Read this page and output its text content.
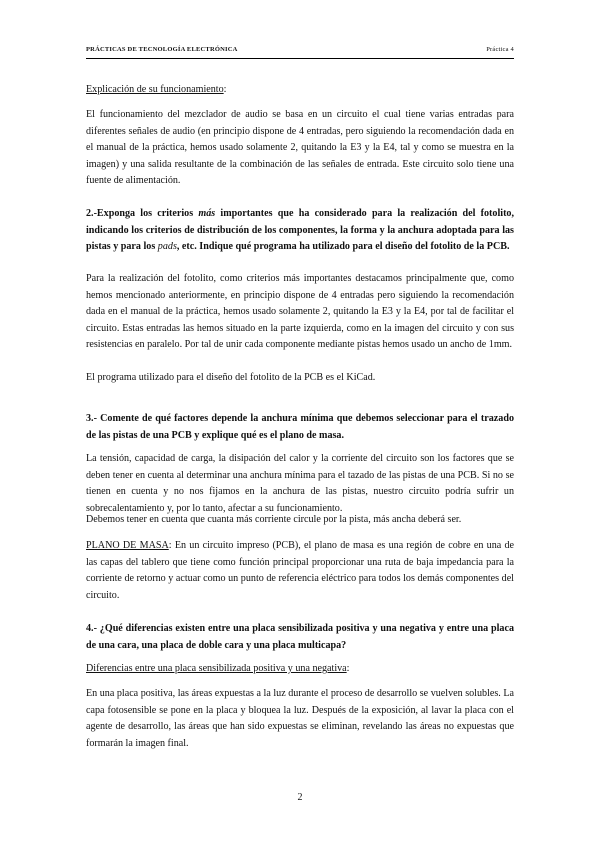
PRÁCTICAS DE TECNOLOGÍA ELECTRÓNICA	Práctica 4
Explicación de su funcionamiento:
El funcionamiento del mezclador de audio se basa en un circuito el cual tiene varias entradas para diferentes señales de audio (en principio dispone de 4 entradas, pero siguiendo la recomendación dada en el manual de la práctica, hemos usado solamente 2, quitando la E3 y la E4, tal y como se muestra en la imagen) y una salida resultante de la combinación de las señales de entrada. Este circuito solo tiene una fuente de alimentación.
2.-Exponga los criterios más importantes que ha considerado para la realización del fotolito, indicando los criterios de distribución de los componentes, la forma y la anchura adoptada para las pistas y para los pads, etc. Indique qué programa ha utilizado para el diseño del fotolito de la PCB.
Para la realización del fotolito, como criterios más importantes destacamos principalmente que, como hemos mencionado anteriormente, en principio dispone de 4 entradas pero siguiendo la recomendación dada en el manual de la práctica, hemos usado solamente 2, quitando la E3 y la E4, por tal de facilitar el circuito. Estas entradas las hemos situado en la parte izquierda, como en la imagen del circuito y con sus resistencias en paralelo. Por tal de unir cada componente mediante pistas hemos usado un ancho de 1mm.
El programa utilizado para el diseño del fotolito de la PCB es el KiCad.
3.- Comente de qué factores depende la anchura mínima que debemos seleccionar para el trazado de las pistas de una PCB y explique qué es el plano de masa.
La tensión, capacidad de carga, la disipación del calor y la corriente del circuito son los factores que se deben tener en cuenta al determinar una anchura mínima para el tazado de las pistas de una PCB. Si no se tienen en cuenta y no nos fijamos en la anchura de las pistas, nuestro circuito podría sufrir un sobrecalentamiento y, por lo tanto, afectar a su funcionamiento.
Debemos tener en cuenta que cuanta más corriente circule por la pista, más ancha deberá ser.
PLANO DE MASA: En un circuito impreso (PCB), el plano de masa es una región de cobre en una de las capas del tablero que tiene como función principal proporcionar una ruta de baja impedancia para la corriente de retorno y actuar como un punto de referencia eléctrico para todos los demás componentes del circuito.
4.- ¿Qué diferencias existen entre una placa sensibilizada positiva y una negativa y entre una placa de una cara, una placa de doble cara y una placa multicapa?
Diferencias entre una placa sensibilizada positiva y una negativa:
En una placa positiva, las áreas expuestas a la luz durante el proceso de desarrollo se vuelven solubles. La capa fotosensible se pone en la placa y bloquea la luz. Después de la exposición, al lavar la placa con el agente de desarrollo, las áreas que han sido expuestas se eliminan, revelando las áreas no expuestas que formarán la imagen final.
2
